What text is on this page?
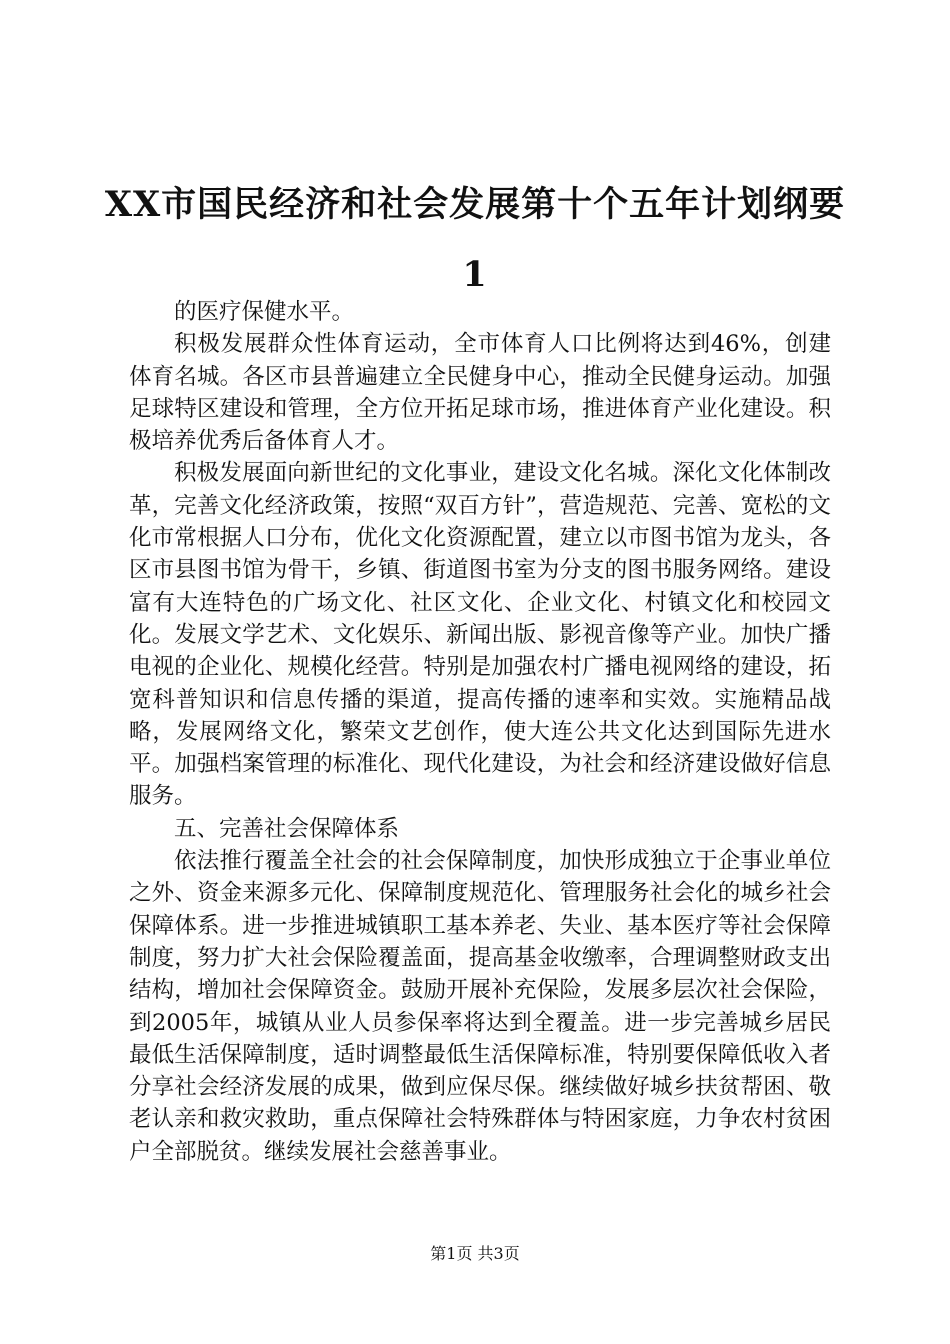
XX市国民经济和社会发展第十个五年计划纲要1

的医疗保健水平。

积极发展群众性体育运动，全市体育人口比例将达到46%，创建体育名城。各区市县普遍建立全民健身中心，推动全民健身运动。加强足球特区建设和管理，全方位开拓足球市场，推进体育产业化建设。积极培养优秀后备体育人才。

积极发展面向新世纪的文化事业，建设文化名城。深化文化体制改革，完善文化经济政策，按照“双百方针”，营造规范、完善、宽松的文化市常根据人口分布，优化文化资源配置，建立以市图书馆为龙头，各区市县图书馆为骨干，乡镇、街道图书室为分支的图书服务网络。建设富有大连特色的广场文化、社区文化、企业文化、村镇文化和校园文化。发展文学艺术、文化娱乐、新闻出版、影视音像等产业。加快广播电视的企业化、规模化经营。特别是加强农村广播电视网络的建设，拓宽科普知识和信息传播的渠道，提高传播的速率和实效。实施精品战略，发展网络文化，繁荣文艺创作，使大连公共文化达到国际先进水平。加强档案管理的标准化、现代化建设，为社会和经济建设做好信息服务。

五、完善社会保障体系

依法推行覆盖全社会的社会保障制度，加快形成独立于企事业单位之外、资金来源多元化、保障制度规范化、管理服务社会化的城乡社会保障体系。进一步推进城镇职工基本养老、失业、基本医疗等社会保障制度，努力扩大社会保险覆盖面，提高基金收缴率，合理调整财政支出结构，增加社会保障资金。鼓励开展补充保险，发展多层次社会保险，到2005年，城镇从业人员参保率将达到全覆盖。进一步完善城乡居民最低生活保障制度，适时调整最低生活保障标准，特别要保障低收入者分享社会经济发展的成果，做到应保尽保。继续做好城乡扶贫帮困、敬老认亲和救灾救助，重点保障社会特殊群体与特困家庭，力争农村贫困户全部脱贫。继续发展社会慈善事业。

第1页 共3页
